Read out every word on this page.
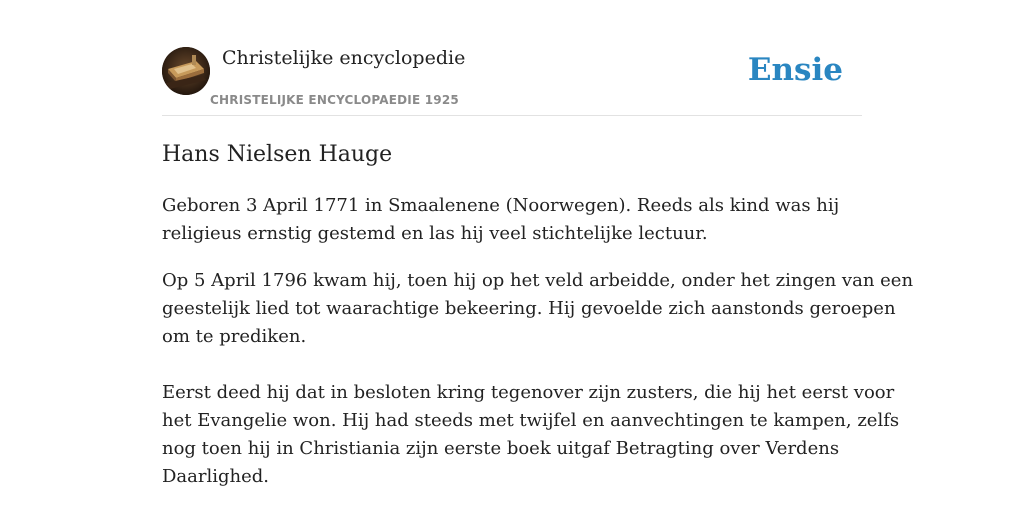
Christelijke encyclopedie
CHRISTELIJKE ENCYCLOPAEDIE 1925
Ensie
Hans Nielsen Hauge

Geboren 3 April 1771 in Smaalenene (Noorwegen). Reeds als kind was hij
religieus ernstig gestemd en las hij veel stichtelijke lectuur.

Op 5 April 1796 kwam hij, toen hij op het veld arbeidde, onder het zingen van een
geestelijk lied tot waarachtige bekeering. Hij gevoelde zich aanstonds geroepen
om te prediken.

Eerst deed hij dat in besloten kring tegenover zijn zusters, die hij het eerst voor
het Evangelie won. Hij had steeds met twijfel en aanvechtingen te kampen, zelfs
nog toen hij in Christiania zijn eerste boek uitgaf Betragting over Verdens
Daarlighed.
